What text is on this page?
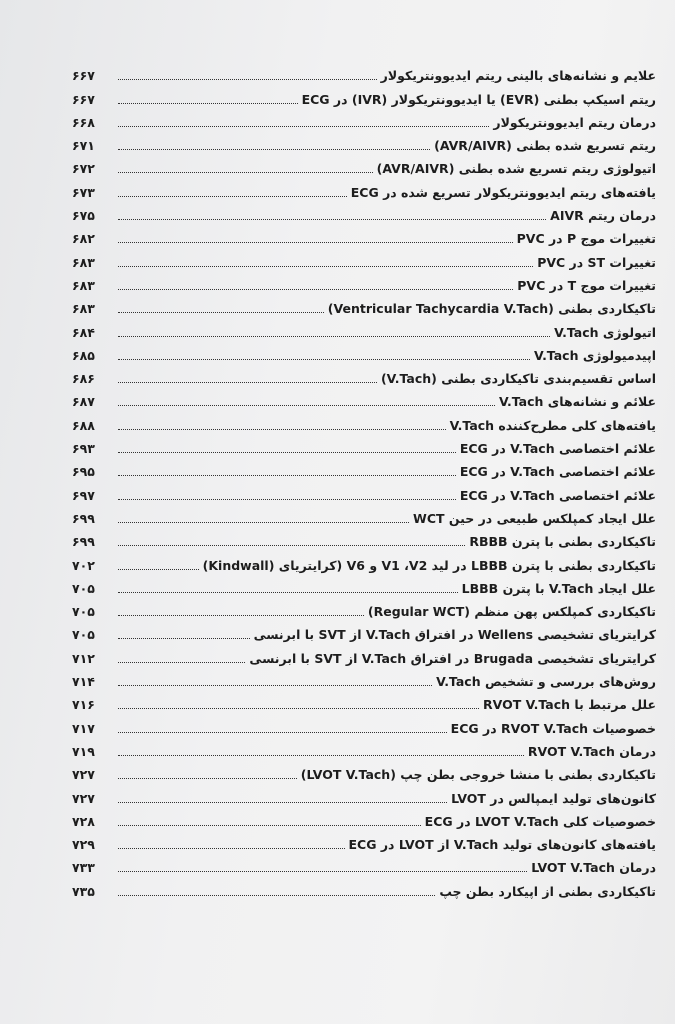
علایم و نشانه‌های بالینی ریتم ایدیوونتریکولار
۶۶۷
ریتم اسیکپ بطنی (EVR) یا ایدیوونتریکولار (IVR) در ECG
۶۶۷
درمان ریتم ایدیوونتریکولار
۶۶۸
ریتم تسریع شده بطنی (AVR/AIVR)
۶۷۱
اتیولوژی ریتم تسریع شده بطنی (AVR/AIVR)
۶۷۲
یافته‌های ریتم ایدیوونتریکولار تسریع شده در ECG
۶۷۳
درمان ریتم AIVR
۶۷۵
تغییرات موج P در PVC
۶۸۲
تغییرات ST در PVC
۶۸۳
تغییرات موج T در PVC
۶۸۳
تاکیکاردی بطنی (Ventricular Tachycardia V.Tach)
۶۸۳
اتیولوژی V.Tach
۶۸۴
اپیدمیولوژی V.Tach
۶۸۵
اساس تقسیم‌بندی تاکیکاردی بطنی (V.Tach)
۶۸۶
علائم و نشانه‌های V.Tach
۶۸۷
یافته‌های کلی مطرح‌کننده V.Tach
۶۸۸
علائم اختصاصی V.Tach در ECG
۶۹۳
علائم اختصاصی V.Tach در ECG
۶۹۵
علائم اختصاصی V.Tach در ECG
۶۹۷
علل ایجاد کمپلکس طبیعی در حین WCT
۶۹۹
تاکیکاردی بطنی با پترن RBBB
۶۹۹
تاکیکاردی بطنی با پترن LBBB در لید V1 ،V2 و V6 (کرایتریای (Kindwall)
۷۰۲
علل ایجاد V.Tach با پترن LBBB
۷۰۵
تاکیکاردی کمپلکس پهن منظم (Regular WCT)
۷۰۵
کرایتریای تشخیصی Wellens در افتراق V.Tach از SVT با ابرنسی
۷۰۵
کرایتریای تشخیصی Brugada در افتراق V.Tach از SVT با ابرنسی
۷۱۲
روش‌های بررسی و تشخیص V.Tach
۷۱۴
علل مرتبط با RVOT V.Tach
۷۱۶
خصوصیات RVOT V.Tach در ECG
۷۱۷
درمان RVOT V.Tach
۷۱۹
تاکیکاردی بطنی با منشا خروجی بطن چپ (LVOT V.Tach)
۷۲۷
کانون‌های تولید ایمپالس در LVOT
۷۲۷
خصوصیات کلی LVOT V.Tach در ECG
۷۲۸
یافته‌های کانون‌های تولید V.Tach از LVOT در ECG
۷۲۹
درمان LVOT V.Tach
۷۳۳
تاکیکاردی بطنی از اپیکارد بطن چپ
۷۳۵
